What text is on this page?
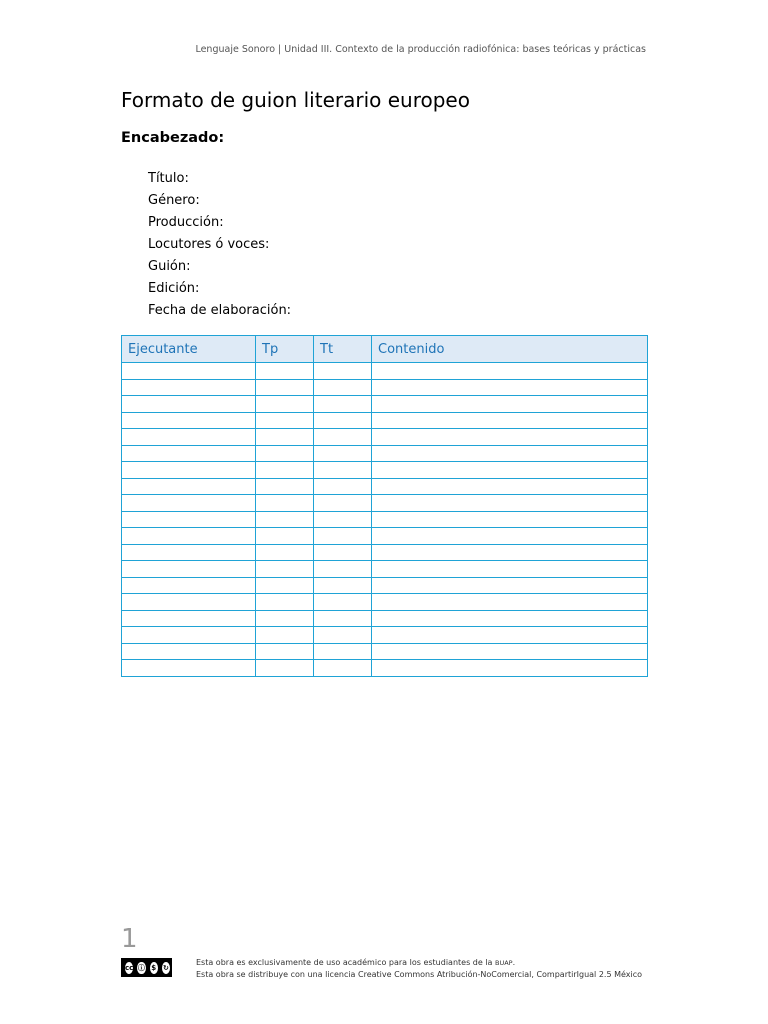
Lenguaje Sonoro | Unidad III. Contexto de la producción radiofónica: bases teóricas y prácticas
Formato de guion literario europeo
Encabezado:
Título:
Género:
Producción:
Locutores ó voces:
Guión:
Edición:
Fecha de elaboración:
Ejecutante	Tp	Tt	Contenido

1
cc ⓘ $ ↻
Esta obra es exclusivamente de uso académico para los estudiantes de la BUAP.
Esta obra se distribuye con una licencia Creative Commons Atribución-NoComercial, CompartirIgual 2.5 México
